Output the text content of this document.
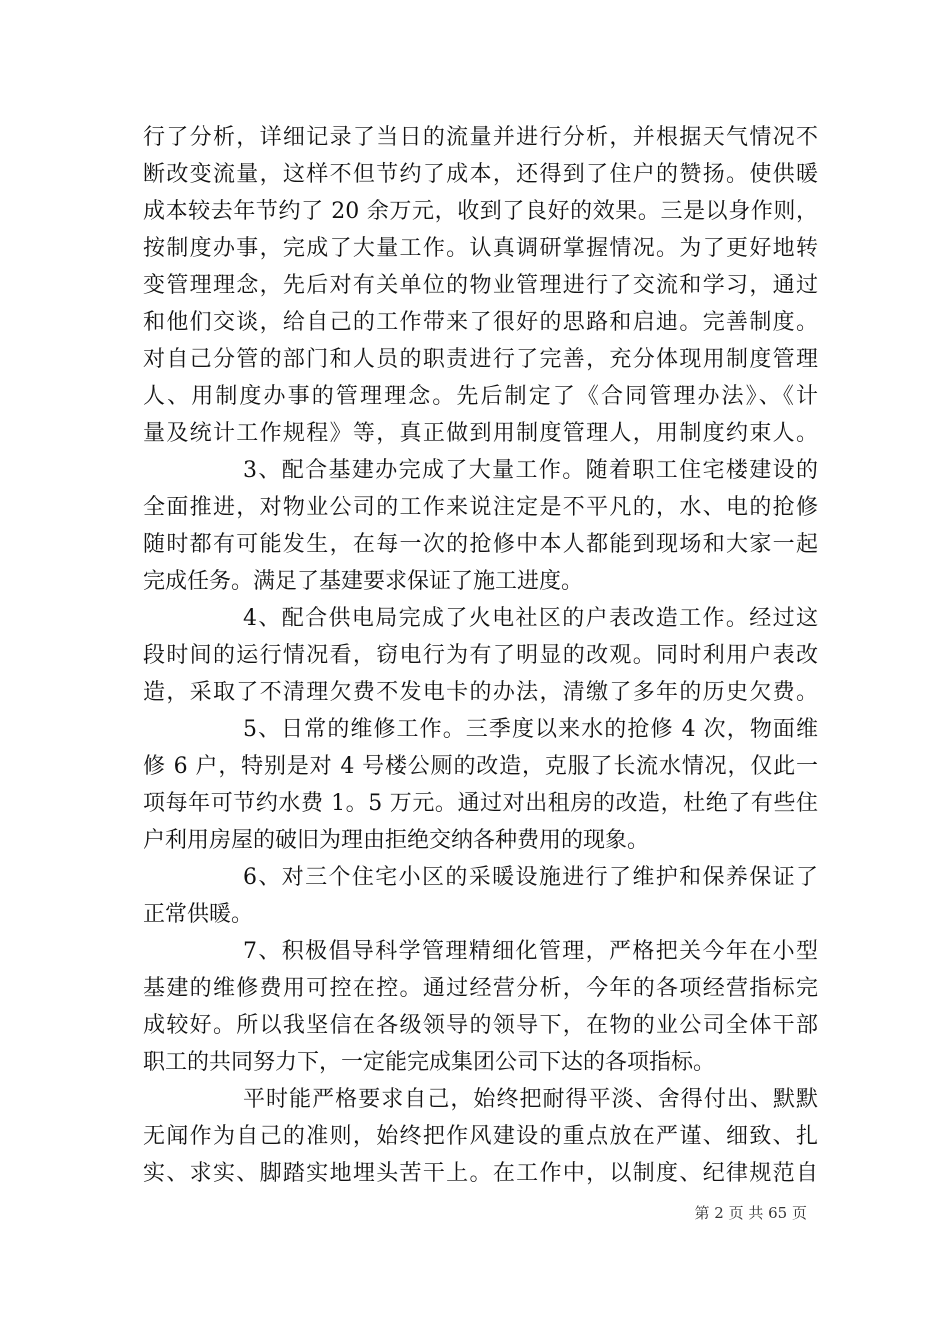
行了分析，详细记录了当日的流量并进行分析，并根据天气情况不
断改变流量，这样不但节约了成本，还得到了住户的赞扬。使供暖
成本较去年节约了 20 余万元，收到了良好的效果。三是以身作则，
按制度办事，完成了大量工作。认真调研掌握情况。为了更好地转
变管理理念，先后对有关单位的物业管理进行了交流和学习，通过
和他们交谈，给自己的工作带来了很好的思路和启迪。完善制度。
对自己分管的部门和人员的职责进行了完善，充分体现用制度管理
人、用制度办事的管理理念。先后制定了《合同管理办法》、《计
量及统计工作规程》等，真正做到用制度管理人，用制度约束人。
3、配合基建办完成了大量工作。随着职工住宅楼建设的
全面推进，对物业公司的工作来说注定是不平凡的，水、电的抢修
随时都有可能发生，在每一次的抢修中本人都能到现场和大家一起
完成任务。满足了基建要求保证了施工进度。
4、配合供电局完成了火电社区的户表改造工作。经过这
段时间的运行情况看，窃电行为有了明显的改观。同时利用户表改
造，采取了不清理欠费不发电卡的办法，清缴了多年的历史欠费。
5、日常的维修工作。三季度以来水的抢修 4 次，物面维
修 6 户，特别是对 4 号楼公厕的改造，克服了长流水情况，仅此一
项每年可节约水费 1。5 万元。通过对出租房的改造，杜绝了有些住
户利用房屋的破旧为理由拒绝交纳各种费用的现象。
6、对三个住宅小区的采暖设施进行了维护和保养保证了
正常供暖。
7、积极倡导科学管理精细化管理，严格把关今年在小型
基建的维修费用可控在控。通过经营分析，今年的各项经营指标完
成较好。所以我坚信在各级领导的领导下，在物的业公司全体干部
职工的共同努力下，一定能完成集团公司下达的各项指标。
平时能严格要求自己，始终把耐得平淡、舍得付出、默默
无闻作为自己的准则，始终把作风建设的重点放在严谨、细致、扎
实、求实、脚踏实地埋头苦干上。在工作中，以制度、纪律规范自
第 2 页 共 65 页
